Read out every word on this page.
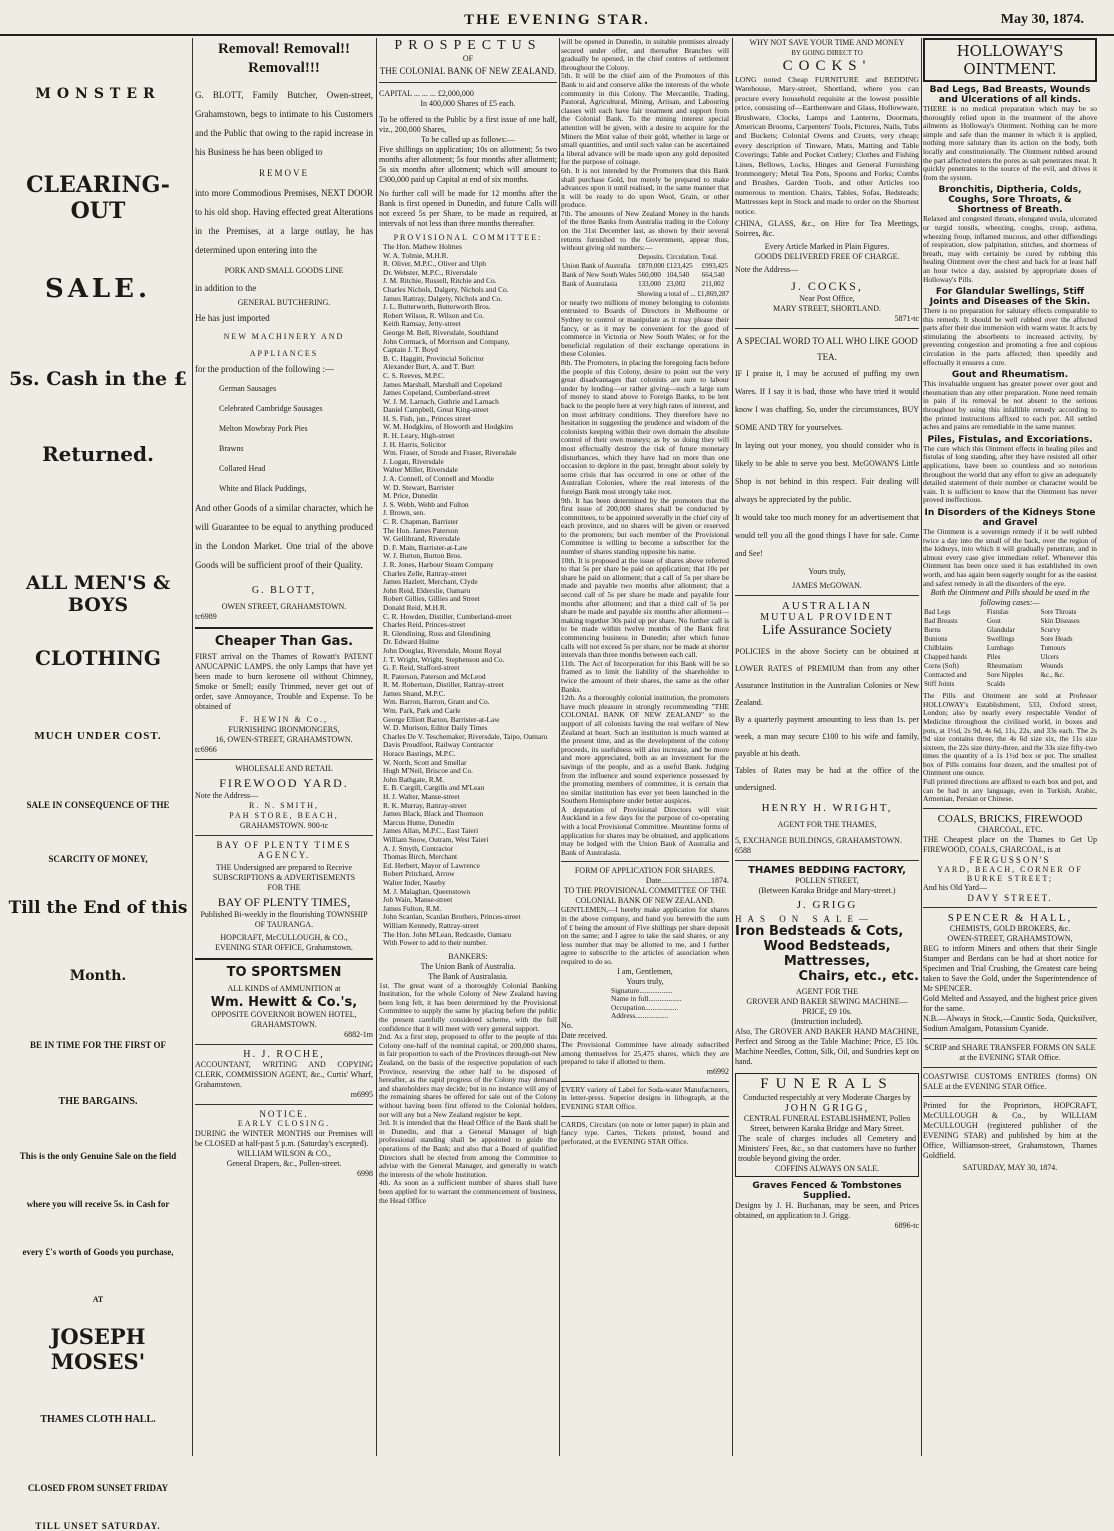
THE EVENING STAR.	May 30, 1874.
MONSTER
CLEARING-OUT
SALE.
5s. Cash in the £
Returned.
ALL MEN'S & BOYS
CLOTHING
MUCH UNDER COST.
SALE IN CONSEQUENCE OF THE
SCARCITY OF MONEY,
Till the End of this
Month.
BE IN TIME FOR THE FIRST OF
THE BARGAINS.
This is the only Genuine Sale on the field
where you will receive 5s. in Cash for
every £'s worth of Goods you purchase,
AT
JOSEPH MOSES'
THAMES CLOTH HALL.
CLOSED FROM SUNSET FRIDAY
TILL UNSET SATURDAY.
Removal! Removal!! Removal!!!
G. BLOTT, Family Butcher, Owen-street, Grahamstown, begs to intimate to his Customers and the Public that owing to the rapid increase in his Business he has been obliged to
REMOVE
into more Commodious Premises, NEXT DOOR to his old shop. Having effected great Alterations in the Premises, at a large outlay, he has determined upon entering into the
PORK AND SMALL GOODS LINE
in addition to the
GENERAL BUTCHERING.
He has just imported
NEW MACHINERY AND
APPLIANCES
for the production of the following :—
German Sausages
Celebrated Cambridge Sausages
Melton Mowbray Pork Pies
Brawns
Collared Head
White and Black Puddings,
And other Goods of a similar character, which he will Guarantee to be equal to anything produced in the London Market. One trial of the above Goods will be sufficient proof of their Quality.
G. BLOTT,
OWEN STREET, GRAHAMSTOWN.
tc6989
Cheaper Than Gas.
FIRST arrival on the Thames of Rowatt's PATENT ANUCAPNIC LAMPS. the only Lamps that have yet been made to burn kerosene oil without Chimney, Smoke or Smell; easily Trimmed, never get out of order, save Annoyance, Trouble and Expense. To be obtained of
F. HEWIN & Co.,
FURNISHING IRONMONGERS,
16, OWEN-STREET, GRAHAMSTOWN.
tc6966
WHOLESALE AND RETAIL
FIREWOOD YARD.
Note the Address—
R. N. SMITH,
PAH STORE, BEACH,
GRAHAMSTOWN. 900-tc
BAY OF PLENTY TIMES AGENCY.
THE Undersigned are prepared to Receive SUBSCRIPTIONS & ADVERTISEMENTS
FOR THE
BAY OF PLENTY TIMES,
Published Bi-weekly in the flourishing TOWNSHIP OF TAURANGA.
HOPCRAFT, McCULLOUGH, & CO.,
EVENING STAR OFFICE, Grahamstown.
TO SPORTSMEN
ALL KINDS of AMMUNITION at
Wm. Hewitt & Co.'s,
OPPOSITE GOVERNOR BOWEN HOTEL, GRAHAMSTOWN.
6882-1m
H. J. ROCHE,
ACCOUNTANT, WRITING AND COPYING CLERK, COMMISSION AGENT, &c., Curtis' Wharf, Grahamstown.
m6995
NOTICE.
EARLY CLOSING.
DURING the WINTER MONTHS our Premises will be CLOSED at half-past 5 p.m. (Saturday's excepted).
WILLIAM WILSON & CO.,
General Drapers, &c., Pollen-street.
6998
PROSPECTUS
OF
THE COLONIAL BANK OF NEW ZEALAND.
CAPITAL ... ... ... £2,000,000
In 400,000 Shares of £5 each.
To be offered to the Public by a first issue of one half, viz., 200,000 Shares,
To be called up as follows:—
Five shillings on application; 10s on allotment; 5s two months after allotment; 5s four months after allotment; 5s six months after allotment; which will amount to £300,000 paid up Capital at end of six months.
No further call will be made for 12 months after the Bank is first opened in Dunedin, and future Calls will not exceed 5s per Share, to be made as required, at intervals of not less than three months thereafter.
PROVISIONAL COMMITTEE:
The Hon. Mathew Holmes
W. A. Tolmie, M.H.R.
R. Oliver, M.P.C., Oliver and Ulph
Dr. Webster, M.P.C., Riversdale
J. M. Ritchie, Russell, Ritchie and Co.
Charles Nichols, Dalgety, Nichols and Co.
James Rattray, Dalgety, Nichols and Co.
J. L. Butterworth, Butterworth Bros.
Robert Wilson, R. Wilson and Co.
Keith Ramsay, Jetty-street
George M. Bell, Riversdale, Southland
John Cormack, of Morrison and Company,
Captain J. T. Boyd
B. C. Haggitt, Provincial Solicitor
Alexander Burt, A. and T. Burt
C. S. Reeves, M.P.C.
James Marshall, Marshall and Copeland
James Copeland, Cumberland-street
W. J. M. Larnach, Guthrie and Larnach
Daniel Campbell, Great King-street
H. S. Fish, jun., Princes street
W. M. Hodgkins, of Howorth and Hodgkins
R. H. Leary, High-street
J. H. Harris, Solicitor
Wm. Fraser, of Strode and Fraser, Riversdale
J. Logan, Riversdale
Walter Miller, Riversdale
J. A. Connell, of Connell and Moodie
W. D. Stewart, Barrister
M. Price, Dunedin
J. S. Webb, Webb and Fulton
J. Brown, sen.
C. R. Chapman, Barrister
The Hon. James Paterson
W. Gellibrand, Riversdale
D. F. Main, Barrister-at-Law
W. J. Burton, Burton Bros.
J. R. Jones, Harbour Steam Company
Charles Zelle, Rattray-street
James Hazlett, Merchant, Clyde
John Reid, Elderslie, Oamaru
Robert Gillies, Gillies and Street
Donald Reid, M.H.R.
C. R. Howden, Distiller, Cumberland-street
Charles Reid, Princes-street
R. Glendining, Ross and Glendining
Dr. Edward Hulme
John Douglas, Riversdale, Mount Royal
J. T. Wright, Wright, Stephenson and Co.
G. F. Reid, Stafford-street
R. Paterson, Paterson and McLeod
R. M. Robertson, Distiller, Rattray-street
James Shand, M.P.C.
Wm. Barron, Barron, Grant and Co.
Wm. Park, Park and Carle
George Elliott Barton, Barrister-at-Law
W. D. Murison, Editor Daily Times
Charles De V. Teschemaker, Riversdale, Taipo, Oamaru
Davis Proudfoot, Railway Contractor
Horace Bastings, M.P.C.
W. North, Scott and Smellar
Hugh M'Neil, Briscoe and Co.
John Bathgate, R.M.
E. B. Cargill, Cargills and M'Lean
H. J. Walter, Manse-street
R. K. Murray, Rattray-street
James Black, Black and Thomson
Marcus Hume, Dunedin
James Allan, M.P.C., East Taieri
William Snow, Outram, West Taieri
A. J. Smyth, Contractor
Thomas Birch, Merchant
Ed. Herbert, Mayor of Lawrence
Robert Pritchard, Arrow
Walter Inder, Naseby
M. J. Malaghan, Queenstown
Job Wain, Manse-street
James Fulton, R.M.
John Scanlan, Scanlan Brothers, Princes-street
William Kennedy, Rattray-street
The Hon. John M'Lean, Redcastle, Oamaru
With Power to add to their number.
BANKERS:
The Union Bank of Australia.
The Bank of Australasia.
1st. The great want of a thoroughly Colonial Banking Institution, for the whole Colony of New Zealand having been long felt, it has been determined by the Provisional Committee to supply the same by placing before the public the present carefully considered scheme, with the full confidence that it will meet with very general support.
2nd. As a first step, proposed to offer to the people of this Colony one-half of the nominal capital, or 200,000 shares, in fair proportion to each of the Provinces through-out New Zealand, on the basis of the respective population of each Province, reserving the other half to be disposed of hereafter, as the rapid progress of the Colony may demand and shareholders may decide; but in no instance will any of the remaining shares be offered for sale out of the Colony without having been first offered to the Colonial holders, nor will any but a New Zealand register be kept.
3rd. It is intended that the Head Office of the Bank shall be in Dunedin, and that a General Manager of high professional standing shall be appointed to guide the operations of the Bank; and also that a Board of qualified Directors shall be elected from among the Committee to advise with the General Manager, and generally to watch the interests of the whole Institution.
4th. As soon as a sufficient number of shares shall have been applied for to warrant the commencement of business, the Head Office
will be opened in Dunedin, in suitable premises already secured under offer, and thereafter Branches will gradually be opened, in the chief centres of settlement throughout the Colony.
5th. It will be the chief aim of the Promoters of this Bank to aid and conserve alike the interests of the whole community in this Colony. The Mercantile, Trading, Pastoral, Agricultural, Mining, Artisan, and Labouring classes will each have fair treatment and support from the Colonial Bank. To the mining interest special attention will be given, with a desire to acquire for the Miners the Mint value of their gold, whether in large or small quantities, and until such value can be ascertained a liberal advance will be made upon any gold deposited for the purpose of coinage.
6th. It is not intended by the Promoters that this Bank shall purchase Gold, but merely be prepared to make advances upon it until realised, in the same manner that it will be ready to do upon Wool, Grain, or other produce.
7th. The amounts of New Zealand Money in the hands of the three Banks from Australia trading in the Colony on the 31st December last, as shown by their several returns furnished to the Government, appear thus, without giving old numbers:—
	Deposits.	Circulation.	Total.
Union Bank of Australia	£870,000	£123,425	£993,425
Bank of New South Wales	560,000	104,540	664,540
Bank of Australasia	133,000	23,002	211,002
Showing a total of ... £1,869,287
or nearly two millions of money belonging to colonists entrusted to Boards of Directors in Melbourne or Sydney to control or manipulate as it may please their fancy, or as it may be convenient for the good of commerce in Victoria or New South Wales; or for the beneficial regulation of their exchange operations in these Colonies.
8th. The Promoters, in placing the foregoing facts before the people of this Colony, desire to point out the very great disadvantages that colonists are sure to labour under by lending—or rather giving—such a large sum of money to stand above to Foreign Banks, to be lent back to the people here at very high rates of interest, and on most arbitrary conditions. They therefore have no hesitation in suggesting the prudence and wisdom of the colonists keeping within their own domain the absolute control of their own moneys; as by so doing they will most effectually destroy the risk of future monetary disturbances, which they have had on more than one occasion to deplore in the past, brought about solely by some crisis that has occurred in one or other of the Australian Colonies, where the real interests of the foreign Bank most strongly take root.
9th. It has been determined by the promoters that the first issue of 200,000 shares shall be conducted by committees, to be appointed severally in the chief city of each province, and no shares will be given or reserved to the promoters; but each member of the Provisional Committee is willing to become a subscriber for the number of shares standing opposite his name.
10th. It is proposed at the issue of shares above referred to that 5s per share be paid on application; that 10s per share be paid on allotment; that a call of 5s per share be made and payable two months after allotment; that a second call of 5s per share be made and payable four months after allotment; and that a third call of 5s per share be made and payable six months after allotment—making together 30s paid up per share. No further call is to be made within twelve months of the Bank first commencing business in Dunedin; after which future calls will not exceed 5s per share, nor be made at shorter intervals than three months between each call.
11th. The Act of Incorporation for this Bank will be so framed as to limit the liability of the shareholder to twice the amount of their shares, the same as the other Banks.
12th. As a thoroughly colonial institution, the promoters have much pleasure in strongly recommending "THE COLONIAL BANK OF NEW ZEALAND" to the support of all colonists having the real welfare of New Zealand at heart. Such an institution is much wanted at the present time, and as the development of the colony proceeds, its usefulness will also increase, and be more and more appreciated, both as an investment for the savings of the people, and as a useful Bank. Judging from the influence and sound experience possessed by the promoting members of committee, it is certain that no similar institution has ever yet been launched in the Southern Hemisphere under better auspices.
A deputation of Provisional Directors will visit Auckland in a few days for the purpose of co-operating with a local Provisional Committee. Meantime forms of application for shares may be obtained, and applications may be lodged with the Union Bank of Australia and Bank of Australasia.
FORM OF APPLICATION FOR SHARES.
Date.........................1874.
TO THE PROVISIONAL COMMITTEE OF THE COLONIAL BANK OF NEW ZEALAND.
GENTLEMEN,—I hereby make application for shares in the above company, and hand you herewith the sum of £ being the amount of Five shillings per share deposit on the same; and I agree to take the said shares, or any less number that may be allotted to me, and I further agree to subscribe to the articles of association when required to do so.
I am, Gentlemen,
Yours truly,
Signature..................
Name in full..................
Occupation..................
Address..................
No.
Date received.
The Provisional Committee have already subscribed among themselves for 25,475 shares, which they are prepared to take if allotted to them.
m6992
EVERY variety of Label for Soda-water Manufacturers, in letter-press. Superior designs in lithograph, at the EVENING STAR Office.
CARDS, Circulars (on note or letter paper) in plain and fancy type. Cartes, Tickets printed, bound and perforated, at the EVENING STAR Office.
WHY NOT SAVE YOUR TIME AND MONEY
BY GOING DIRECT TO
COCKS'
LONG noted Cheap FURNITURE and BEDDING Warehouse, Mary-street, Shortland, where you can procure every household requisite at the lowest possible price, consisting of—Earthenware and Glass, Hollowware, Brushware, Clocks, Lamps and Lanterns, Doormats, American Brooms, Carpenters' Tools, Pictures, Nails, Tubs and Buckets; Colonial Ovens and Cruets, very cheap; every description of Tinware, Mats, Matting and Table Coverings; Table and Pocket Cutlery; Clothes and Fishing Lines, Bellows, Locks, Hinges and General Furnishing Ironmongery; Metal Tea Pots, Spoons and Forks; Combs and Brushes, Garden Tools, and other Articles too numerous to mention. Chairs, Tables, Sofas, Bedsteads; Mattresses kept in Stock and made to order on the Shortest notice.
CHINA, GLASS, &c., on Hire for Tea Meetings, Soirees, &c.
Every Article Marked in Plain Figures.
GOODS DELIVERED FREE OF CHARGE.
Note the Address—
J. COCKS,
Near Post Office,
MARY STREET, SHORTLAND.
5871-tc
A SPECIAL WORD TO ALL WHO LIKE GOOD TEA.
IF I praise it, I may be accused of puffing my own Wares. If I say it is bad, those who have tried it would know I was chaffing. So, under the circumstances, BUY SOME AND TRY for yourselves.
In laying out your money, you should consider who is likely to be able to serve you best. McGOWAN'S Little Shop is not behind in this respect. Fair dealing will always be appreciated by the public.
It would take too much money for an advertisement that would tell you all the good things I have for sale. Come and See!
Yours truly,
JAMES McGOWAN.
AUSTRALIAN
MUTUAL PROVIDENT
Life Assurance Society
POLICIES in the above Society can be obtained at LOWER RATES of PREMIUM than from any other Assurance Institution in the Australian Colonies or New Zealand.
By a quarterly payment amounting to less than 1s. per week, a man may secure £100 to his wife and family, payable at his death.
Tables of Rates may be had at the office of the undersigned.
HENRY H. WRIGHT,
AGENT FOR THE THAMES,
5, EXCHANGE BUILDINGS, GRAHAMSTOWN.
6588
THAMES BEDDING FACTORY,
POLLEN STREET,
(Between Karaka Bridge and Mary-street.)
J. GRIGG
HAS ON SALE—
Iron Bedsteads & Cots,
Wood Bedsteads,
Mattresses,
Chairs, etc., etc.
AGENT FOR THE
GROVER AND BAKER SEWING MACHINE—PRICE, £9 10s.
(Instruction included).
Also, The GROVER AND BAKER HAND MACHINE, Perfect and Strong as the Table Machine; Price, £5 10s. Machine Needles, Cotton, Silk, Oil, and Sundries kept on hand.
FUNERALS
Conducted respectably at very Moderate Charges by
JOHN GRIGG,
CENTRAL FUNERAL ESTABLISHMENT, Pollen Street, between Karaka Bridge and Mary Street.
The scale of charges includes all Cemetery and Ministers' Fees, &c., so that customers have no further trouble beyond giving the order.
COFFINS ALWAYS ON SALE.
Graves Fenced & Tombstones Supplied.
Designs by J. H. Buchanan, may be seen, and Prices obtained, on application to J. Grigg.
6896-tc
HOLLOWAY'S OINTMENT.
Bad Legs, Bad Breasts, Wounds and Ulcerations of all kinds.
THERE is no medical preparation which may be so thoroughly relied upon in the treatment of the above ailments as Holloway's Ointment. Nothing can be more simple and safe than the manner in which it is applied, nothing more salutary than its action on the body, both locally and constitutionally. The Ointment rubbed around the part affected enters the pores as salt penetrates meat. It quickly penetrates to the source of the evil, and drives it from the system.
Bronchitis, Diptheria, Colds, Coughs, Sore Throats, & Shortness of Breath.
Relaxed and congested throats, elongated uvula, ulcerated or turgid tonsils, wheezing, coughs, croup, asthma, wheezing froup, inflamed mucous, and other diffiendings of respiration, slow palpitation, stitches, and shortness of breath, may with certainty be cured by rubbing this healing Ointment over the chest and back for at least half an hour twice a day, assisted by appropriate doses of Holloway's Pills.
For Glandular Swellings, Stiff Joints and Diseases of the Skin.
There is no preparation for salutary effects comparable to this remedy. It should be well rubbed over the affected parts after their due immersion with warm water. It acts by stimulating the absorbents to increased activity, by preventing congestion and promoting a free and copious circulation in the parts affected; then speedily and effectually it ensures a cure.
Gout and Rheumatism.
This invaluable unguent has greater power over gout and rheumatism than any other preparation. None need remain in pain if its removal be not absent to the serious throughout by using this infallible remedy according to the printed instructions affixed to each pot. All settled aches and pains are remediable in the same manner.
Piles, Fistulas, and Excoriations.
The cure which this Ointment effects in healing piles and fistulas of long standing, after they have resisted all other applications, have been so countless and so notorious throughout the world that any effort to give an adequately detailed statement of their number or character would be vain. It is sufficient to know that the Ointment has never proved ineffectious.
In Disorders of the Kidneys Stone and Gravel
The Ointment is a sovereign remedy if it be well rubbed twice a day into the small of the back, over the region of the kidneys, into which it will gradually penetrate, and in almost every case give immediate relief. Whenever this Ointment has been once used it has established its own worth, and has again been eagerly sought for as the easiest and safest remedy in all the disorders of the eye.
Both the Ointment and Pills should be used in the following cases:—
Bad Legs	Fistulas	Sore Throats
Bad Breasts	Gout	Skin Diseases
Burns	Glandular	Scurvy
Bunions	Swellings	Sore Heads
Chilblains	Lumbago	Tumours
Chapped hands	Piles	Ulcers
Corns (Soft)	Rheumatism	Wounds
Contracted and	Sore Nipples	&c., &c.
Stiff Joints	Scalds	
The Pills and Ointment are sold at Professor HOLLOWAY's Establishment, 533, Oxford street, London; also by nearly every respectable Vendor of Medicine throughout the civilised world, in boxes and pots, at 1½d, 2s 9d, 4s 6d, 11s, 22s, and 33s each. The 2s 9d size contains three, the 4s 6d size six, the 11s size sixteen, the 22s size thirty-three, and the 33s size fifty-two times the quantity of a 1s 1½d box or pot. The smallest box of Pills contains four dozen, and the smallest pot of Ointment one ounce.
Full printed directions are affixed to each box and pot, and can be had in any language, even in Turkish, Arabic, Armenian, Persian or Chinese.
COALS, BRICKS, FIREWOOD
CHARCOAL, ETC.
THE Cheapest place on the Thames to Get Up FIREWOOD, COALS, CHARCOAL, is at
FERGUSSON'S
YARD, BEACH, CORNER OF BURKE STREET;
And his Old Yard—
DAVY STREET.
SPENCER & HALL,
CHEMISTS, GOLD BROKERS, &c.
OWEN-STREET, GRAHAMSTOWN,
BEG to inform Miners and others that their Single Stamper and Berdans can be had at short notice for Specimen and Trial Crushing, the Greatest care being taken to Save the Gold, under the Superintendence of Mr SPENCER.
Gold Melted and Assayed, and the highest price given for the same.
N.B.—Always in Stock,—Caustic Soda, Quicksilver, Sodium Amalgam, Potassium Cyanide.
SCRIP and SHARE TRANSFER FORMS ON SALE at the EVENING STAR Office.
COASTWISE CUSTOMS ENTRIES (forms) ON SALE at the EVENING STAR Office.
Printed for the Proprietors, HOPCRAFT, McCULLOUGH & Co., by WILLIAM McCULLOUGH (registered publisher of the EVENING STAR) and published by him at the Office, Williamson-street, Grahamstown, Thames Goldfield.
SATURDAY, MAY 30, 1874.
